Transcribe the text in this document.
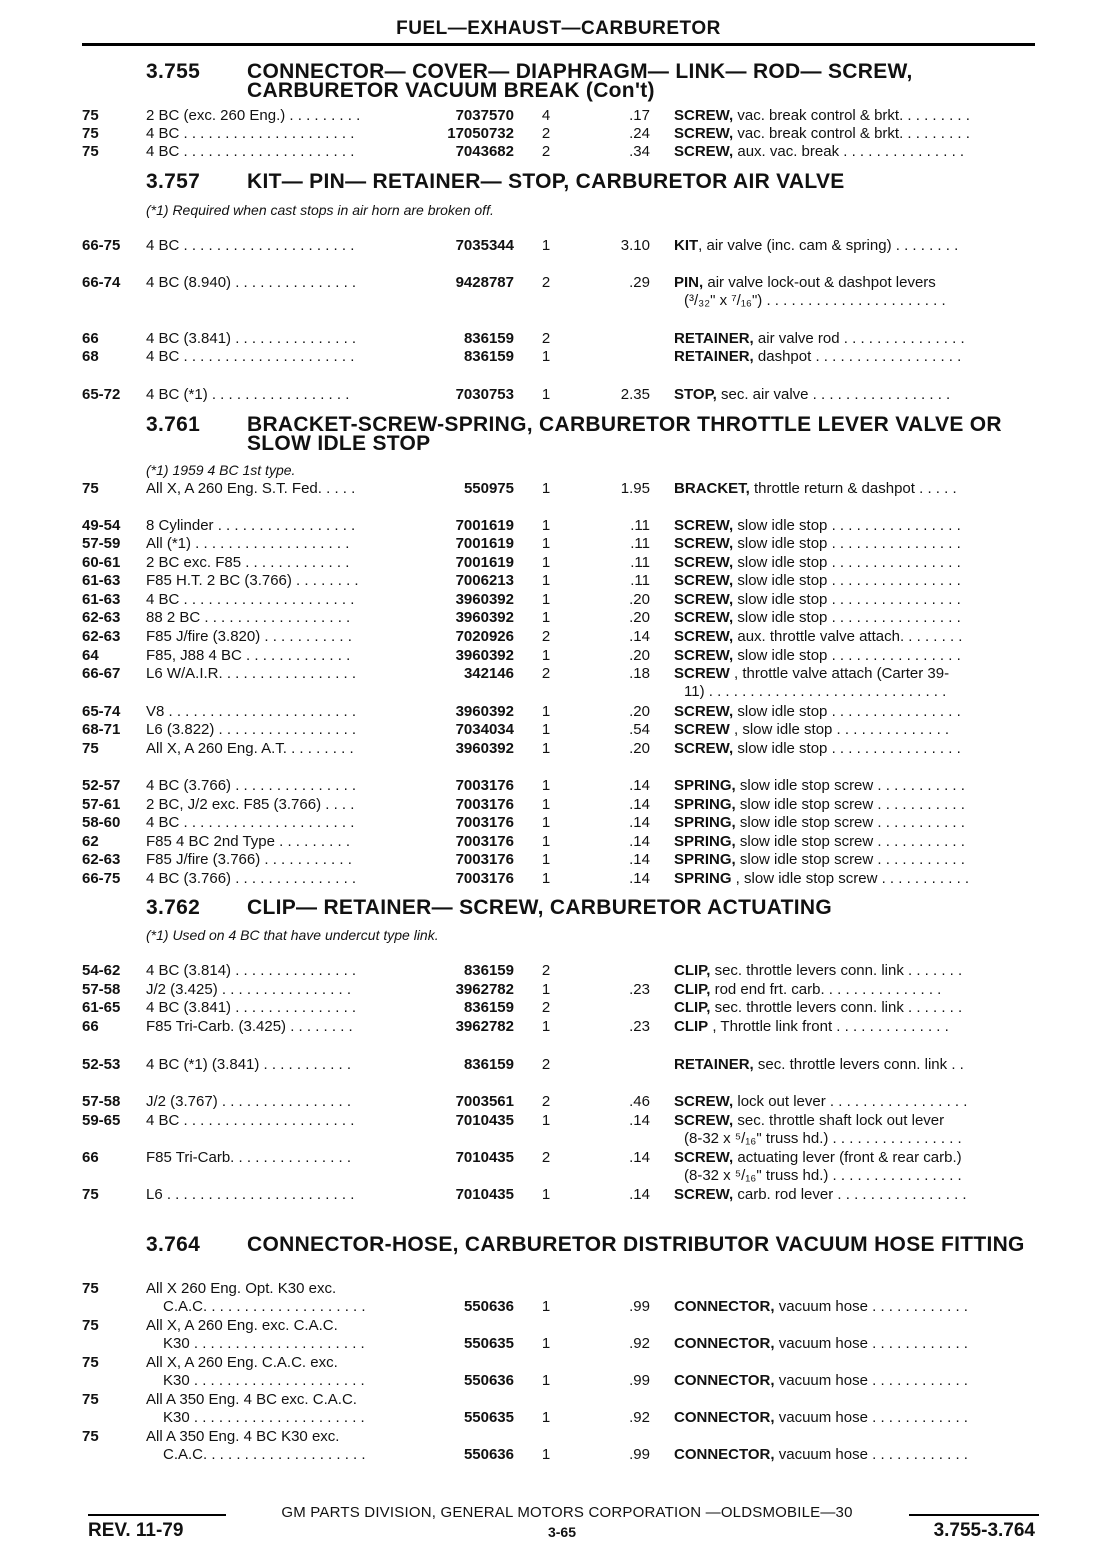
FUEL—EXHAUST—CARBURETOR
3.755 CONNECTOR— COVER— DIAPHRAGM— LINK— ROD— SCREW, CARBURETOR VACUUM BREAK (Con't)
75	2 BC (exc. 260 Eng.) . . . . . . . . .	7037570	4	.17 SCREW, vac. break control & brkt. . . . . . . . .
75	4 BC . . . . . . . . . . . . . . . . . . . . .	17050732	2	.24 SCREW, vac. break control & brkt. . . . . . . . .
75	4 BC . . . . . . . . . . . . . . . . . . . . .	7043682	2	.34 SCREW, aux. vac. break . . . . . . . . . . . . . . .
3.757 KIT— PIN— RETAINER— STOP, CARBURETOR AIR VALVE
(*1) Required when cast stops in air horn are broken off.
66-75	4 BC . . . . . . . . . . . . . . . . . . . . .	7035344	1	3.10 KIT, air valve (inc. cam & spring) . . . . . . . .
66-74	4 BC (8.940) . . . . . . . . . . . . . . .	9428787	2	.29 PIN, air valve lock-out & dashpot levers
(³/₃₂" x ⁷/₁₆") . . . . . . . . . . . . . . . . . . . . . .
66	4 BC (3.841) . . . . . . . . . . . . . . .	836159	2	RETAINER, air valve rod . . . . . . . . . . . . . . .
68	4 BC . . . . . . . . . . . . . . . . . . . . .	836159	1	RETAINER, dashpot . . . . . . . . . . . . . . . . . .
65-72	4 BC (*1) . . . . . . . . . . . . . . . . .	7030753	1	2.35 STOP, sec. air valve . . . . . . . . . . . . . . . . .
3.761 BRACKET-SCREW-SPRING, CARBURETOR THROTTLE LEVER VALVE OR SLOW IDLE STOP
(*1) 1959 4 BC 1st type.
75	All X, A 260 Eng. S.T. Fed. . . . .	550975	1	1.95 BRACKET, throttle return & dashpot . . . . .
49-54	8 Cylinder . . . . . . . . . . . . . . . . .	7001619	1	.11 SCREW, slow idle stop . . . . . . . . . . . . . . . .
57-59	All (*1) . . . . . . . . . . . . . . . . . . .	7001619	1	.11 SCREW, slow idle stop . . . . . . . . . . . . . . . .
60-61	2 BC exc. F85 . . . . . . . . . . . . .	7001619	1	.11 SCREW, slow idle stop . . . . . . . . . . . . . . . .
61-63	F85 H.T. 2 BC (3.766) . . . . . . . .	7006213	1	.11 SCREW, slow idle stop . . . . . . . . . . . . . . . .
61-63	4 BC . . . . . . . . . . . . . . . . . . . . .	3960392	1	.20 SCREW, slow idle stop . . . . . . . . . . . . . . . .
62-63	88 2 BC . . . . . . . . . . . . . . . . . .	3960392	1	.20 SCREW, slow idle stop . . . . . . . . . . . . . . . .
62-63	F85 J/fire (3.820) . . . . . . . . . . .	7020926	2	.14 SCREW, aux. throttle valve attach. . . . . . . .
64	F85, J88 4 BC . . . . . . . . . . . . .	3960392	1	.20 SCREW, slow idle stop . . . . . . . . . . . . . . . .
66-67	L6 W/A.I.R. . . . . . . . . . . . . . . . .	342146	2	.18 SCREW , throttle valve attach (Carter 39-
11) . . . . . . . . . . . . . . . . . . . . . . . . . . . . .
65-74	V8 . . . . . . . . . . . . . . . . . . . . . . .	3960392	1	.20 SCREW, slow idle stop . . . . . . . . . . . . . . . .
68-71	L6 (3.822) . . . . . . . . . . . . . . . . .	7034034	1	.54 SCREW , slow idle stop . . . . . . . . . . . . . .
75	All X, A 260 Eng. A.T. . . . . . . . .	3960392	1	.20 SCREW, slow idle stop . . . . . . . . . . . . . . . .
52-57	4 BC (3.766) . . . . . . . . . . . . . . .	7003176	1	.14 SPRING, slow idle stop screw . . . . . . . . . . .
57-61	2 BC, J/2 exc. F85 (3.766) . . . .	7003176	1	.14 SPRING, slow idle stop screw . . . . . . . . . . .
58-60	4 BC . . . . . . . . . . . . . . . . . . . . .	7003176	1	.14 SPRING, slow idle stop screw . . . . . . . . . . .
62	F85 4 BC 2nd Type . . . . . . . . .	7003176	1	.14 SPRING, slow idle stop screw . . . . . . . . . . .
62-63	F85 J/fire (3.766) . . . . . . . . . . .	7003176	1	.14 SPRING, slow idle stop screw . . . . . . . . . . .
66-75	4 BC (3.766) . . . . . . . . . . . . . . .	7003176	1	.14 SPRING , slow idle stop screw . . . . . . . . . . .
3.762 CLIP— RETAINER— SCREW, CARBURETOR ACTUATING
(*1) Used on 4 BC that have undercut type link.
54-62	4 BC (3.814) . . . . . . . . . . . . . . .	836159	2	CLIP, sec. throttle levers conn. link . . . . . . .
57-58	J/2 (3.425) . . . . . . . . . . . . . . . .	3962782	1	.23 CLIP, rod end frt. carb. . . . . . . . . . . . . . .
61-65	4 BC (3.841) . . . . . . . . . . . . . . .	836159	2	CLIP, sec. throttle levers conn. link . . . . . . .
66	F85 Tri-Carb. (3.425) . . . . . . . .	3962782	1	.23 CLIP , Throttle link front . . . . . . . . . . . . . .
52-53	4 BC (*1) (3.841) . . . . . . . . . . .	836159	2	RETAINER, sec. throttle levers conn. link . .
57-58	J/2 (3.767) . . . . . . . . . . . . . . . .	7003561	2	.46 SCREW, lock out lever . . . . . . . . . . . . . . . . .
59-65	4 BC . . . . . . . . . . . . . . . . . . . . .	7010435	1	.14 SCREW, sec. throttle shaft lock out lever
(8-32 x ⁵/₁₆" truss hd.) . . . . . . . . . . . . . . . .
66	F85 Tri-Carb. . . . . . . . . . . . . . .	7010435	2	.14 SCREW, actuating lever (front & rear carb.)
(8-32 x ⁵/₁₆" truss hd.) . . . . . . . . . . . . . . . .
75	L6 . . . . . . . . . . . . . . . . . . . . . . .	7010435	1	.14 SCREW, carb. rod lever . . . . . . . . . . . . . . . .
3.764 CONNECTOR-HOSE, CARBURETOR DISTRIBUTOR VACUUM HOSE FITTING
75	All X 260 Eng. Opt. K30 exc.
C.A.C. . . . . . . . . . . . . . . . . . . .	550636	1	.99 CONNECTOR, vacuum hose . . . . . . . . . . . .
75	All X, A 260 Eng. exc. C.A.C.
K30 . . . . . . . . . . . . . . . . . . . . .	550635	1	.92 CONNECTOR, vacuum hose . . . . . . . . . . . .
75	All X, A 260 Eng. C.A.C. exc.
K30 . . . . . . . . . . . . . . . . . . . . .	550636	1	.99 CONNECTOR, vacuum hose . . . . . . . . . . . .
75	All A 350 Eng. 4 BC exc. C.A.C.
K30 . . . . . . . . . . . . . . . . . . . . .	550635	1	.92 CONNECTOR, vacuum hose . . . . . . . . . . . .
75	All A 350 Eng. 4 BC K30 exc.
C.A.C. . . . . . . . . . . . . . . . . . . .	550636	1	.99 CONNECTOR, vacuum hose . . . . . . . . . . . .
GM PARTS DIVISION, GENERAL MOTORS CORPORATION —OLDSMOBILE—30
REV. 11-79	3-65	3.755-3.764
